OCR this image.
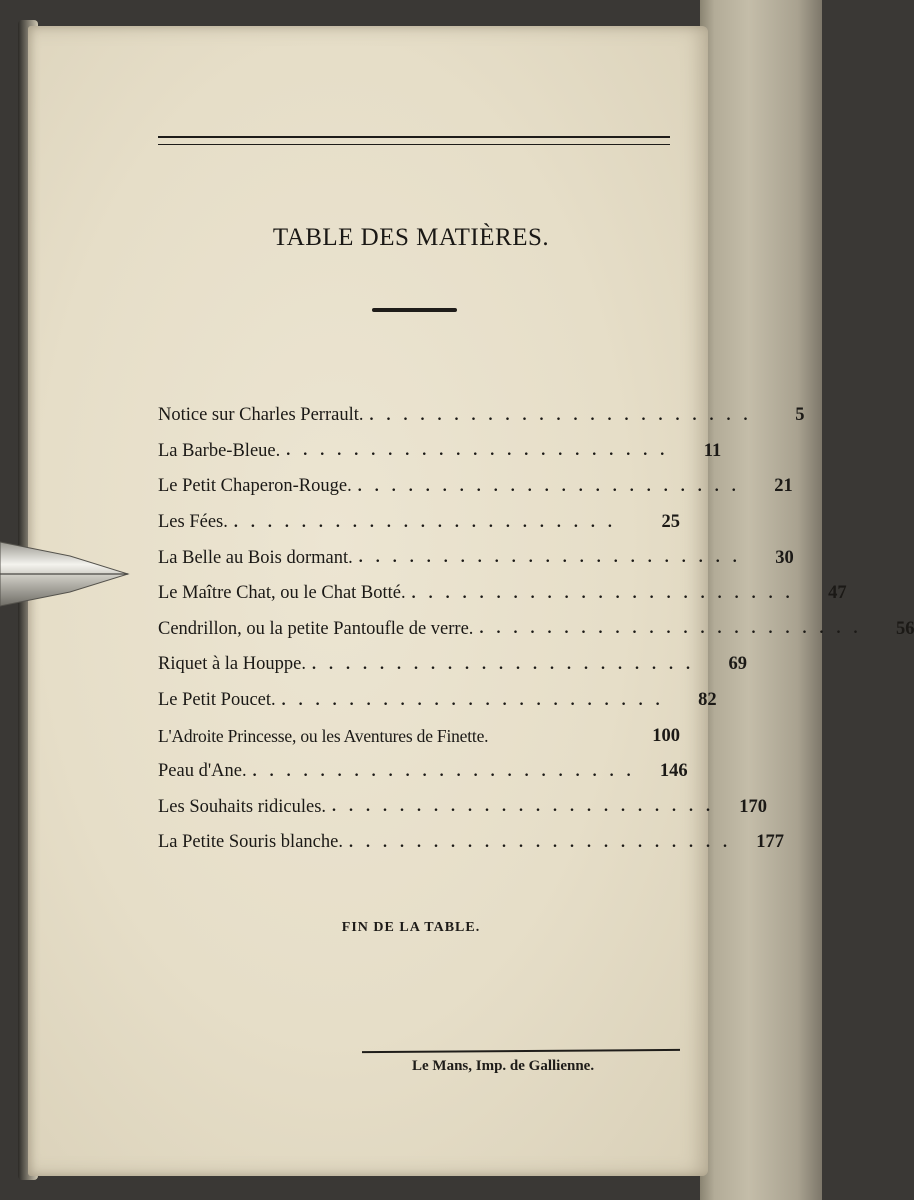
TABLE DES MATIÈRES.
Notice sur Charles Perrault. .......................	5
La Barbe-Bleue. .......................	11
Le Petit Chaperon-Rouge. .......................	21
Les Fées. .......................	25
La Belle au Bois dormant. .......................	30
Le Maître Chat, ou le Chat Botté. .......................	47
Cendrillon, ou la petite Pantoufle de verre. .......................	56
Riquet à la Houppe. .......................	69
Le Petit Poucet. .......................	82
L'Adroite Princesse, ou les Aventures de Finette.	100
Peau d'Ane. ....................... 146
Les Souhaits ridicules. ....................... 170
La Petite Souris blanche. ....................... 177
FIN DE LA TABLE.
Le Mans, Imp. de Gallienne.
